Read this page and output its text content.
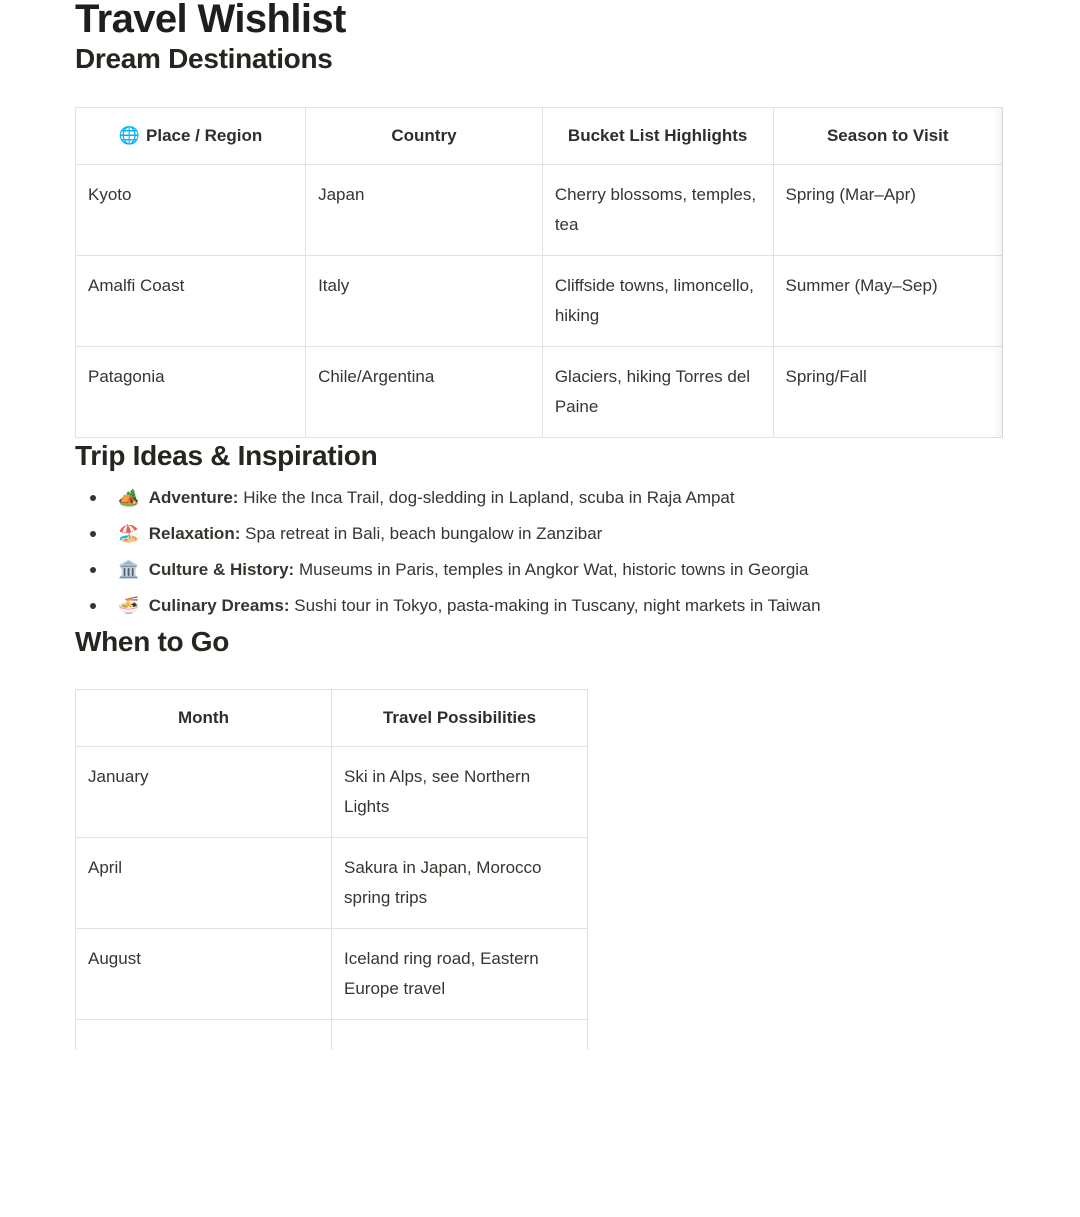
Travel Wishlist
Dream Destinations
🌐 Place / Region	Country	Bucket List Highlights	Season to Visit
Kyoto	Japan	Cherry blossoms, temples, tea	Spring (Mar–Apr)
Amalfi Coast	Italy	Cliffside towns, limoncello, hiking	Summer (May–Sep)
Patagonia	Chile/Argentina	Glaciers, hiking Torres del Paine	Spring/Fall
Trip Ideas & Inspiration
🏕️ Adventure: Hike the Inca Trail, dog-sledding in Lapland, scuba in Raja Ampat
🏖️ Relaxation: Spa retreat in Bali, beach bungalow in Zanzibar
🏛️ Culture & History: Museums in Paris, temples in Angkor Wat, historic towns in Georgia
🍜 Culinary Dreams: Sushi tour in Tokyo, pasta-making in Tuscany, night markets in Taiwan
When to Go
Month	Travel Possibilities
January	Ski in Alps, see Northern Lights
April	Sakura in Japan, Morocco spring trips
August	Iceland ring road, Eastern Europe travel
